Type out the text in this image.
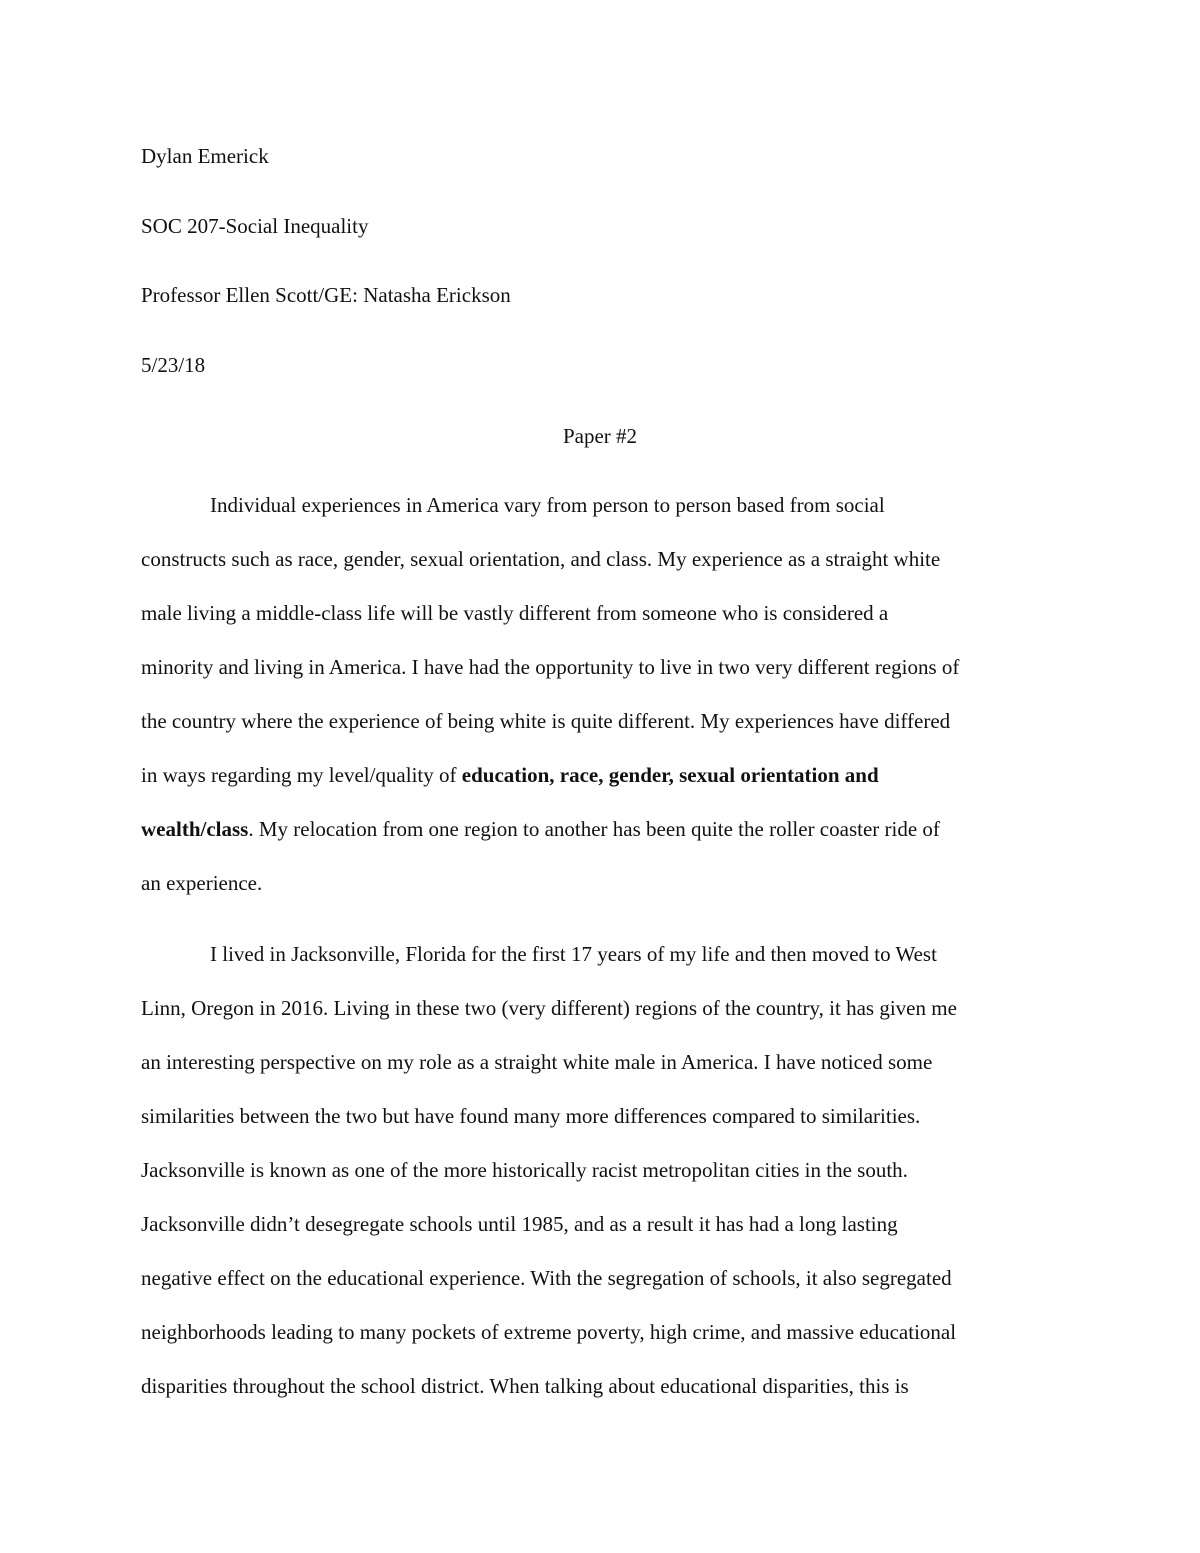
Dylan Emerick
SOC 207-Social Inequality
Professor Ellen Scott/GE: Natasha Erickson
5/23/18
Paper #2
Individual experiences in America vary from person to person based from social
constructs such as race, gender, sexual orientation, and class. My experience as a straight white
male living a middle-class life will be vastly different from someone who is considered a
minority and living in America. I have had the opportunity to live in two very different regions of
the country where the experience of being white is quite different. My experiences have differed
in ways regarding my level/quality of education, race, gender, sexual orientation and
wealth/class. My relocation from one region to another has been quite the roller coaster ride of
an experience.
I lived in Jacksonville, Florida for the first 17 years of my life and then moved to West
Linn, Oregon in 2016. Living in these two (very different) regions of the country, it has given me
an interesting perspective on my role as a straight white male in America. I have noticed some
similarities between the two but have found many more differences compared to similarities.
Jacksonville is known as one of the more historically racist metropolitan cities in the south.
Jacksonville didn’t desegregate schools until 1985, and as a result it has had a long lasting
negative effect on the educational experience. With the segregation of schools, it also segregated
neighborhoods leading to many pockets of extreme poverty, high crime, and massive educational
disparities throughout the school district. When talking about educational disparities, this is
